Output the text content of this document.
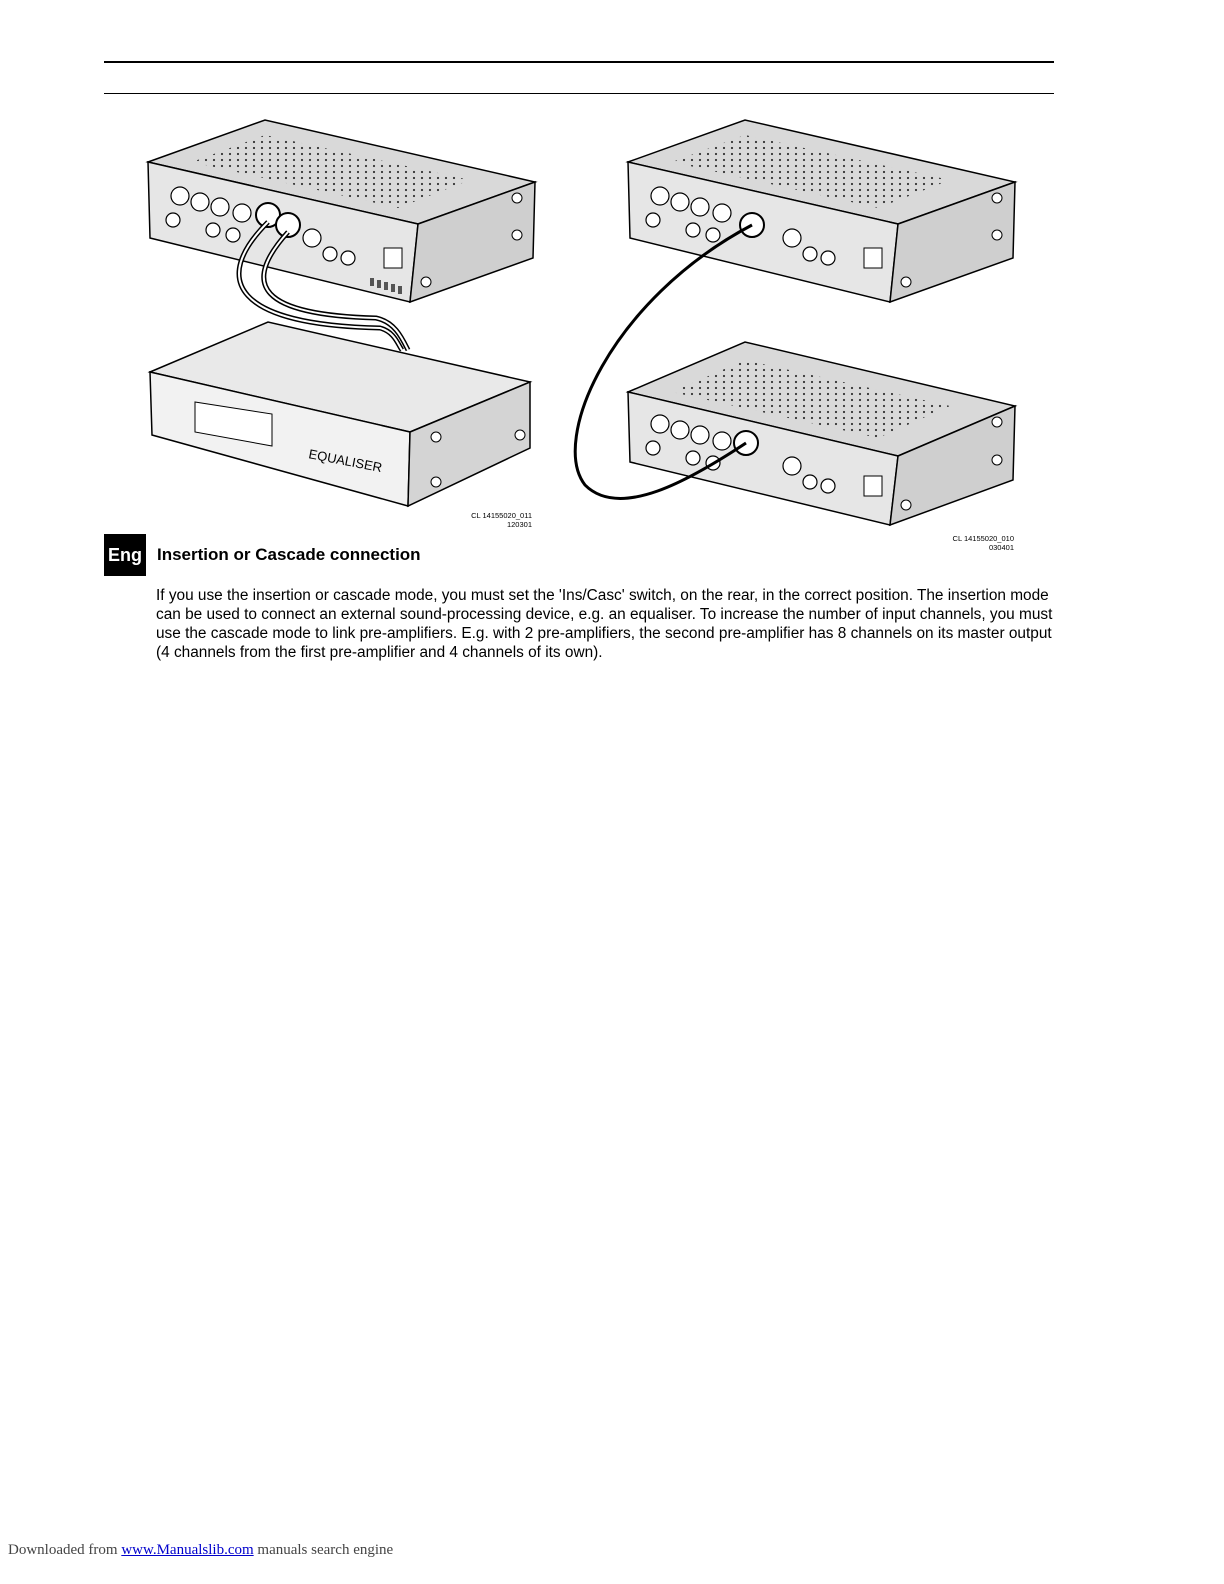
EQUALISER
CL 14155020_011
120301
CL 14155020_010
030401
Eng Insertion or Cascade connection

If you use the insertion or cascade mode, you must set the 'Ins/Casc' switch, on the rear, in the correct position. The insertion mode can be used to connect an external sound-processing device, e.g. an equaliser. To increase the number of input channels, you must use the cascade mode to link pre-amplifiers. E.g. with 2 pre-amplifiers, the second pre-amplifier has 8 channels on its master output (4 channels from the first pre-amplifier and 4 channels of its own).

Downloaded from www.Manualslib.com manuals search engine
